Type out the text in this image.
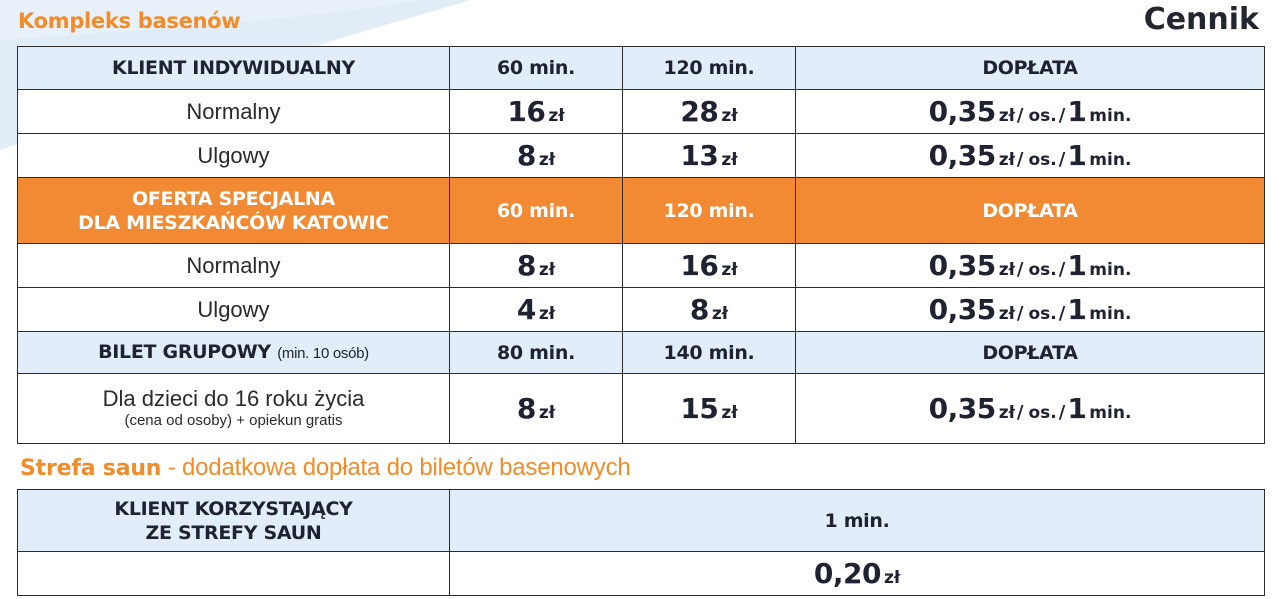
Kompleks basenów	Cennik
KLIENT INDYWIDUALNY	60 min.	120 min.	DOPŁATA
Normalny	16 zł	28 zł	0,35 zł / os. /1 min.
Ulgowy	8 zł	13 zł	0,35 zł / os. /1 min.
OFERTA SPECJALNA
DLA MIESZKAŃCÓW KATOWIC	60 min.	120 min.	DOPŁATA
Normalny	8 zł	16 zł	0,35 zł / os. /1 min.
Ulgowy	4 zł	8 zł	0,35 zł / os. /1 min.
BILET GRUPOWY (min. 10 osób)	80 min.	140 min.	DOPŁATA
Dla dzieci do 16 roku życia
(cena od osoby) + opiekun gratis	8 zł	15 zł	0,35 zł / os. /1 min.
Strefa saun - dodatkowa dopłata do biletów basenowych
KLIENT KORZYSTAJĄCY
ZE STREFY SAUN	1 min.
	0,20 zł
